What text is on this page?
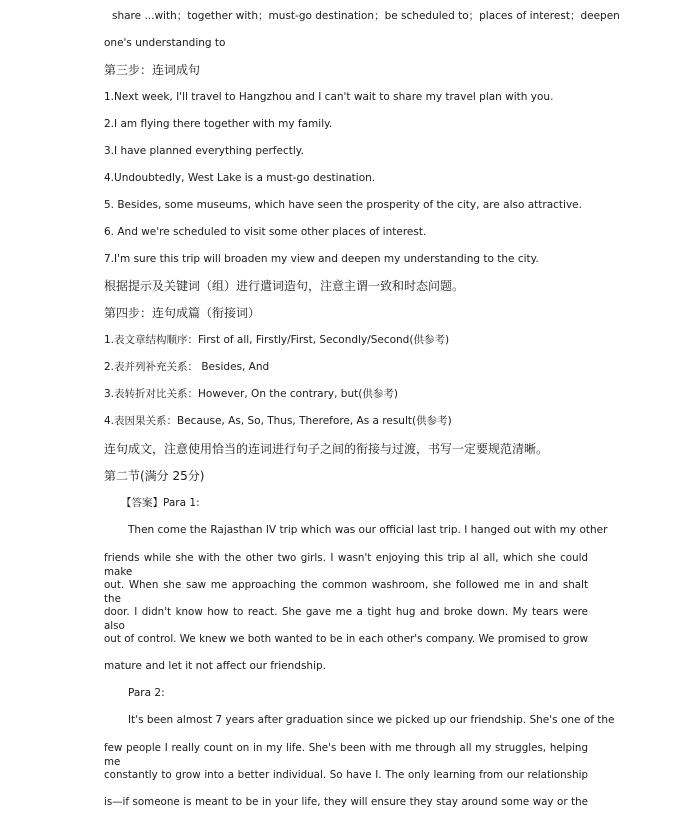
share ...with；together with；must-go destination；be scheduled to；places of interest；deepen
one's understanding to
第三步：连词成句
1.Next week, I'll travel to Hangzhou and I can't wait to share my travel plan with you.
2.I am flying there together with my family.
3.I have planned everything perfectly.
4.Undoubtedly, West Lake is a must-go destination.
5. Besides, some museums, which have seen the prosperity of the city, are also attractive.
6. And we're scheduled to visit some other places of interest.
7.I'm sure this trip will broaden my view and deepen my understanding to the city.
根据提示及关键词（组）进行遣词造句，注意主谓一致和时态问题。
第四步：连句成篇（衔接词）
1.表文章结构顺序：First of all, Firstly/First, Secondly/Second(供参考)
2.表并列补充关系： Besides, And
3.表转折对比关系：However, On the contrary, but(供参考)
4.表因果关系：Because, As, So, Thus, Therefore, As a result(供参考)
连句成文，注意使用恰当的连词进行句子之间的衔接与过渡，书写一定要规范清晰。
第二节(满分 25分)
【答案】Para 1:
Then come the Rajasthan IV trip which was our official last trip. I hanged out with my other
friends while she with the other two girls. I wasn't enjoying this trip al all, which she could make
out. When she saw me approaching the common washroom, she followed me in and shalt the
door. I didn't know how to react. She gave me a tight hug and broke down. My tears were also
out of control. We knew we both wanted to be in each other's company. We promised to grow
mature and let it not affect our friendship.
Para 2:
It's been almost 7 years after graduation since we picked up our friendship. She's one of the
few people I really count on in my life. She's been with me through all my struggles, helping me
constantly to grow into a better individual. So have I. The only learning from our relationship
is—if someone is meant to be in your life, they will ensure they stay around some way or the
